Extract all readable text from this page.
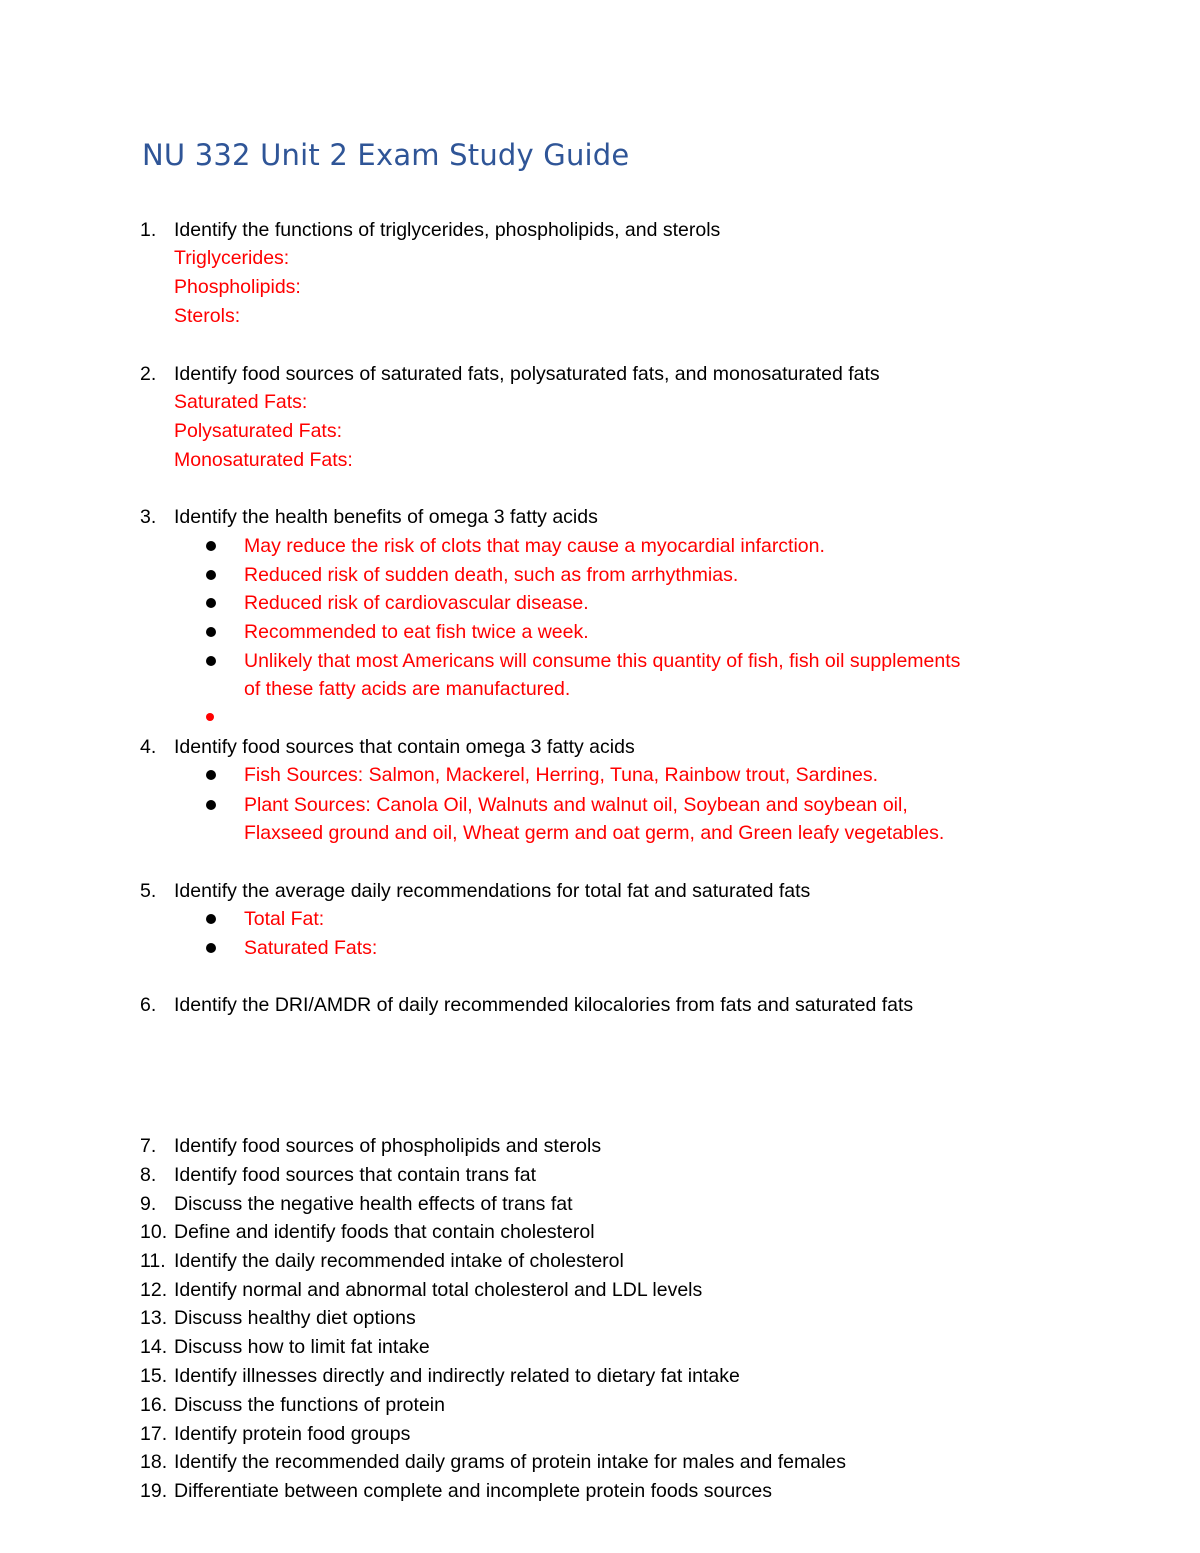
NU 332 Unit 2 Exam Study Guide
1. Identify the functions of triglycerides, phospholipids, and sterols
Triglycerides:
Phospholipids:
Sterols:
2. Identify food sources of saturated fats, polysaturated fats, and monosaturated fats
Saturated Fats:
Polysaturated Fats:
Monosaturated Fats:
3. Identify the health benefits of omega 3 fatty acids
May reduce the risk of clots that may cause a myocardial infarction.
Reduced risk of sudden death, such as from arrhythmias.
Reduced risk of cardiovascular disease.
Recommended to eat fish twice a week.
Unlikely that most Americans will consume this quantity of fish, fish oil supplements
of these fatty acids are manufactured.
4. Identify food sources that contain omega 3 fatty acids
Fish Sources: Salmon, Mackerel, Herring, Tuna, Rainbow trout, Sardines.
Plant Sources: Canola Oil, Walnuts and walnut oil, Soybean and soybean oil,
Flaxseed ground and oil, Wheat germ and oat germ, and Green leafy vegetables.
5. Identify the average daily recommendations for total fat and saturated fats
Total Fat:
Saturated Fats:
6. Identify the DRI/AMDR of daily recommended kilocalories from fats and saturated fats
7. Identify food sources of phospholipids and sterols
8. Identify food sources that contain trans fat
9. Discuss the negative health effects of trans fat
10. Define and identify foods that contain cholesterol
11. Identify the daily recommended intake of cholesterol
12. Identify normal and abnormal total cholesterol and LDL levels
13. Discuss healthy diet options
14. Discuss how to limit fat intake
15. Identify illnesses directly and indirectly related to dietary fat intake
16. Discuss the functions of protein
17. Identify protein food groups
18. Identify the recommended daily grams of protein intake for males and females
19. Differentiate between complete and incomplete protein foods sources
